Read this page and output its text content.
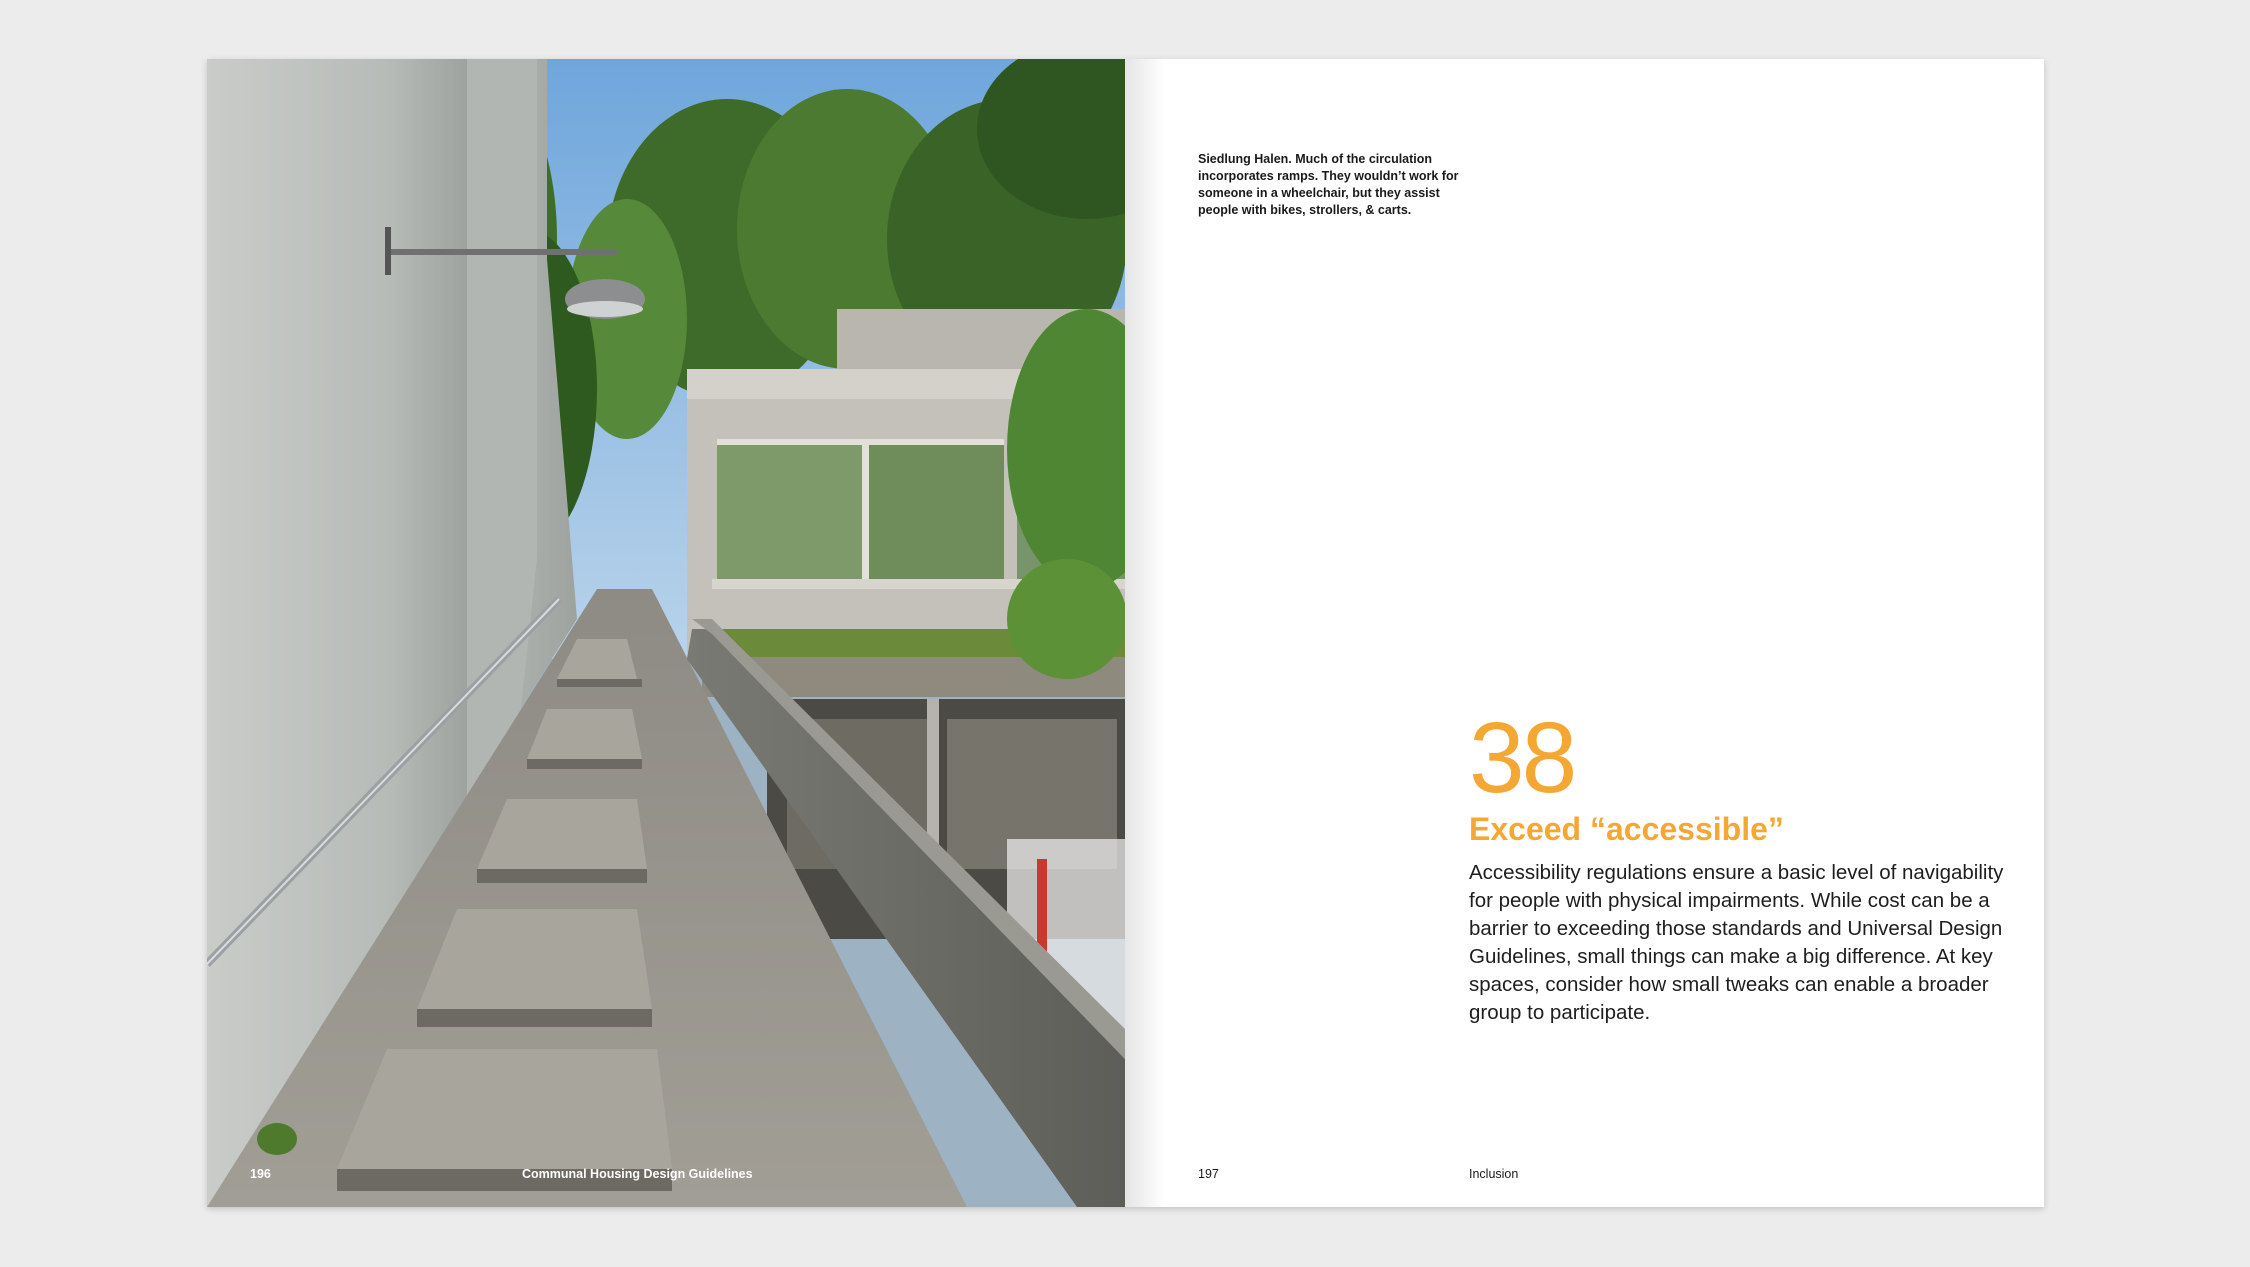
196	Communal Housing Design Guidelines
Siedlung Halen. Much of the circulation incorporates ramps. They wouldn’t work for someone in a wheelchair, but they assist people with bikes, strollers, & carts.
38
Exceed “accessible”
Accessibility regulations ensure a basic level of navigability for people with physical impairments. While cost can be a barrier to exceeding those standards and Universal Design Guidelines, small things can make a big difference. At key spaces, consider how small tweaks can enable a broader group to participate.
197	Inclusion
